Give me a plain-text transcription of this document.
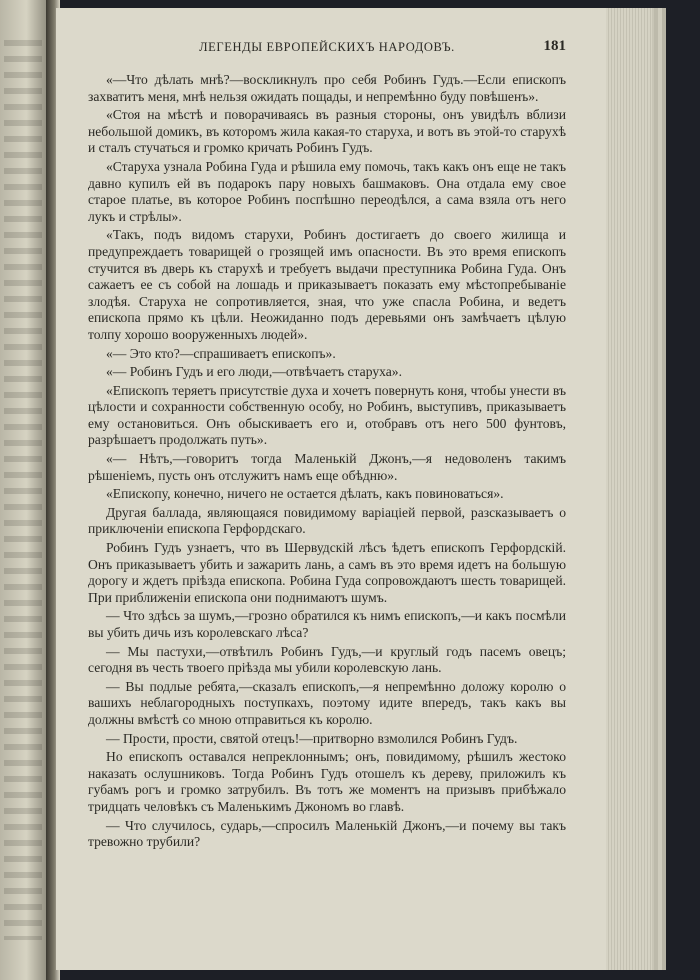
ЛЕГЕНДЫ ЕВРОПЕЙСКИХЪ НАРОДОВЪ.	181

«—Что дѣлать мнѣ?—воскликнулъ про себя Робинъ Гудъ.—Если епископъ захватитъ меня, мнѣ нельзя ожидать пощады, и непремѣнно буду повѣшенъ».

«Стоя на мѣстѣ и поворачиваясь въ разныя стороны, онъ увидѣлъ вблизи небольшой домикъ, въ которомъ жила какая-то старуха, и вотъ въ этой-то старухѣ и сталъ стучаться и громко кричать Робинъ Гудъ.

«Старуха узнала Робина Гуда и рѣшила ему помочь, такъ какъ онъ еще не такъ давно купилъ ей въ подарокъ пару новыхъ башмаковъ. Она отдала ему свое старое платье, въ которое Робинъ поспѣшно переодѣлся, а сама взяла отъ него лукъ и стрѣлы».

«Такъ, подъ видомъ старухи, Робинъ достигаетъ до своего жилища и предупреждаетъ товарищей о грозящей имъ опасности. Въ это время епископъ стучится въ дверь къ старухѣ и требуетъ выдачи преступника Робина Гуда. Онъ сажаетъ ее съ собой на лошадь и приказываетъ показать ему мѣстопребываніе злодѣя. Старуха не сопротивляется, зная, что уже спасла Робина, и ведетъ епископа прямо къ цѣли. Неожиданно подъ деревьями онъ замѣчаетъ цѣлую толпу хорошо вооруженныхъ людей».

«— Это кто?—спрашиваетъ епископъ».

«— Робинъ Гудъ и его люди,—отвѣчаетъ старуха».

«Епископъ теряетъ присутствіе духа и хочетъ повернуть коня, чтобы унести въ цѣлости и сохранности собственную особу, но Робинъ, выступивъ, приказываетъ ему остановиться. Онъ обыскиваетъ его и, отобравъ отъ него 500 фунтовъ, разрѣшаетъ продолжать путь».

«— Нѣтъ,—говоритъ тогда Маленькій Джонъ,—я недоволенъ такимъ рѣшеніемъ, пусть онъ отслужитъ намъ еще обѣдню».

«Епископу, конечно, ничего не остается дѣлать, какъ повиноваться».

Другая баллада, являющаяся повидимому варіаціей первой, разсказываетъ о приключеніи епископа Герфордскаго.

Робинъ Гудъ узнаетъ, что въ Шервудскій лѣсъ ѣдетъ епископъ Герфордскій. Онъ приказываетъ убить и зажарить лань, а самъ въ это время идетъ на большую дорогу и ждетъ пріѣзда епископа. Робина Гуда сопровождаютъ шесть товарищей. При приближеніи епископа они поднимаютъ шумъ.

— Что здѣсь за шумъ,—грозно обратился къ нимъ епископъ,—и какъ посмѣли вы убить дичь изъ королевскаго лѣса?

— Мы пастухи,—отвѣтилъ Робинъ Гудъ,—и круглый годъ пасемъ овецъ; сегодня въ честь твоего пріѣзда мы убили королевскую лань.

— Вы подлые ребята,—сказалъ епископъ,—я непремѣнно доложу королю о вашихъ неблагородныхъ поступкахъ, поэтому идите впередъ, такъ какъ вы должны вмѣстѣ со мною отправиться къ королю.

— Прости, прости, святой отецъ!—притворно взмолился Робинъ Гудъ.

Но епископъ оставался непреклоннымъ; онъ, повидимому, рѣшилъ жестоко наказать ослушниковъ. Тогда Робинъ Гудъ отошелъ къ дереву, приложилъ къ губамъ рогъ и громко затрубилъ. Въ тотъ же моментъ на призывъ прибѣжало тридцать человѣкъ съ Маленькимъ Джономъ во главѣ.

— Что случилось, сударь,—спросилъ Маленькій Джонъ,—и почему вы такъ тревожно трубили?
